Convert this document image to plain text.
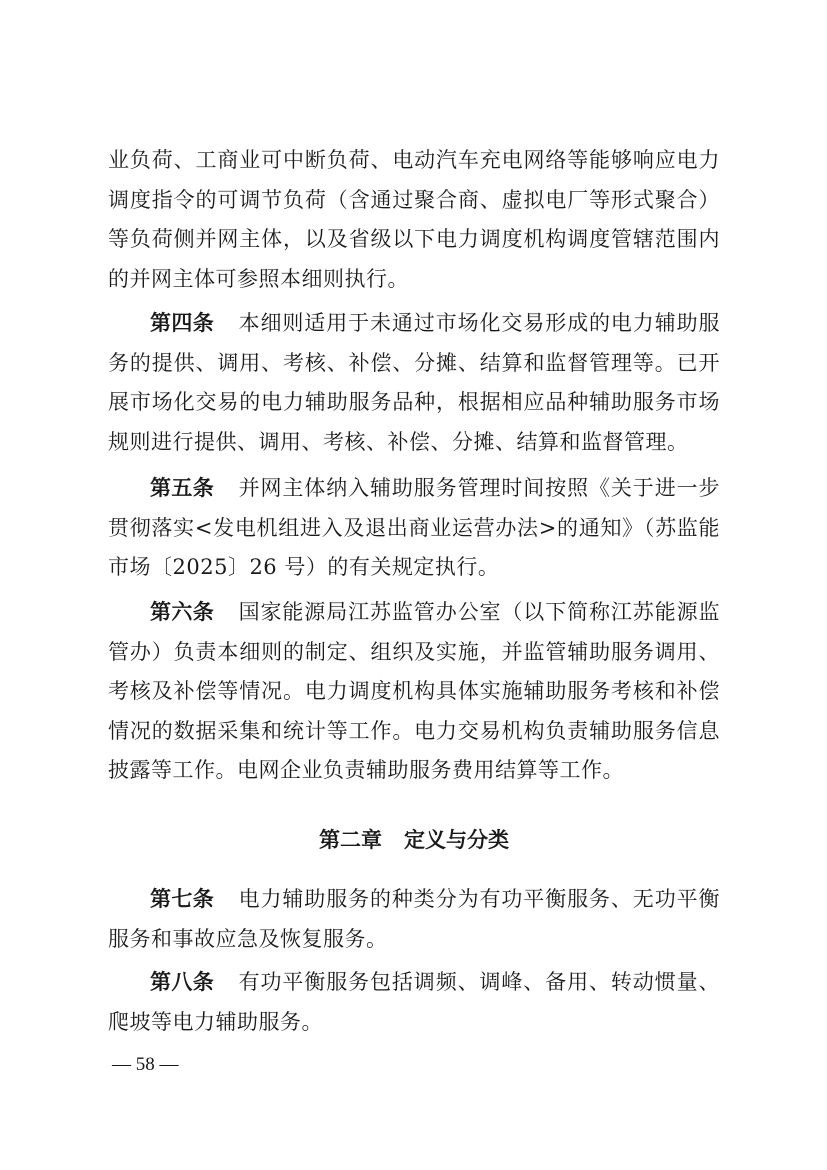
业负荷、工商业可中断负荷、电动汽车充电网络等能够响应电力调度指令的可调节负荷（含通过聚合商、虚拟电厂等形式聚合）等负荷侧并网主体，以及省级以下电力调度机构调度管辖范围内的并网主体可参照本细则执行。

第四条 本细则适用于未通过市场化交易形成的电力辅助服务的提供、调用、考核、补偿、分摊、结算和监督管理等。已开展市场化交易的电力辅助服务品种，根据相应品种辅助服务市场规则进行提供、调用、考核、补偿、分摊、结算和监督管理。

第五条 并网主体纳入辅助服务管理时间按照《关于进一步贯彻落实<发电机组进入及退出商业运营办法>的通知》（苏监能市场〔2025〕26 号）的有关规定执行。

第六条 国家能源局江苏监管办公室（以下简称江苏能源监管办）负责本细则的制定、组织及实施，并监管辅助服务调用、考核及补偿等情况。电力调度机构具体实施辅助服务考核和补偿情况的数据采集和统计等工作。电力交易机构负责辅助服务信息披露等工作。电网企业负责辅助服务费用结算等工作。

第二章 定义与分类

第七条 电力辅助服务的种类分为有功平衡服务、无功平衡服务和事故应急及恢复服务。

第八条 有功平衡服务包括调频、调峰、备用、转动惯量、爬坡等电力辅助服务。

— 58 —
